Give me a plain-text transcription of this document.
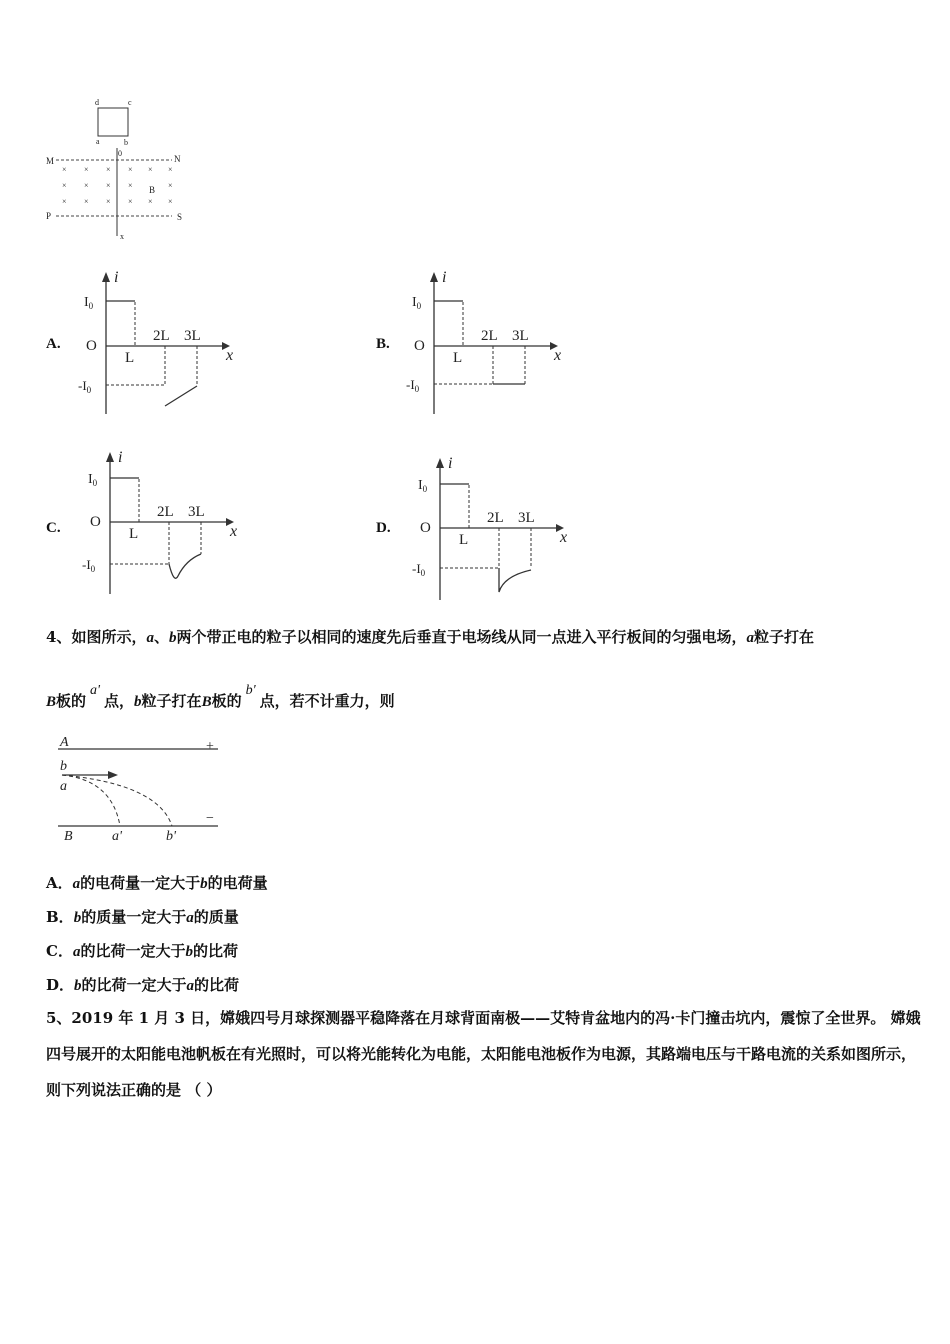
d	c
a	b
0
M	N
P	S
x
B
× × × × × ×
× × × ×	×
× × × × × ×
A.
i
$I_0$
O
L
2L 3L
x
$-I_0$
B.
i
$I_0$
O
L
2L 3L
x
$-I_0$
C.
i
$I_0$
O
L
2L 3L
x
$-I_0$
D.
i
$I_0$
O
L
2L 3L
x
$-I_0$
4、如图所示，a、b两个带正电的粒子以相同的速度先后垂直于电场线从同一点进入平行板间的匀强电场，a粒子打在
B板的a'点，b粒子打在B板的b'点，若不计重力，则
A	+
b
a
−
B	a'	b'
A．a的电荷量一定大于b的电荷量
B．b的质量一定大于a的质量
C．a的比荷一定大于b的比荷
D．b的比荷一定大于a的比荷
5、2019 年 1 月 3 日，嫦娥四号月球探测器平稳降落在月球背面南极——艾特肯盆地内的冯·卡门撞击坑内，震惊了全世界。 嫦娥四号展开的太阳能电池帆板在有光照时，可以将光能转化为电能，太阳能电池板作为电源，其路端电压与干路电流的关系如图所示，则下列说法正确的是 （ ）
